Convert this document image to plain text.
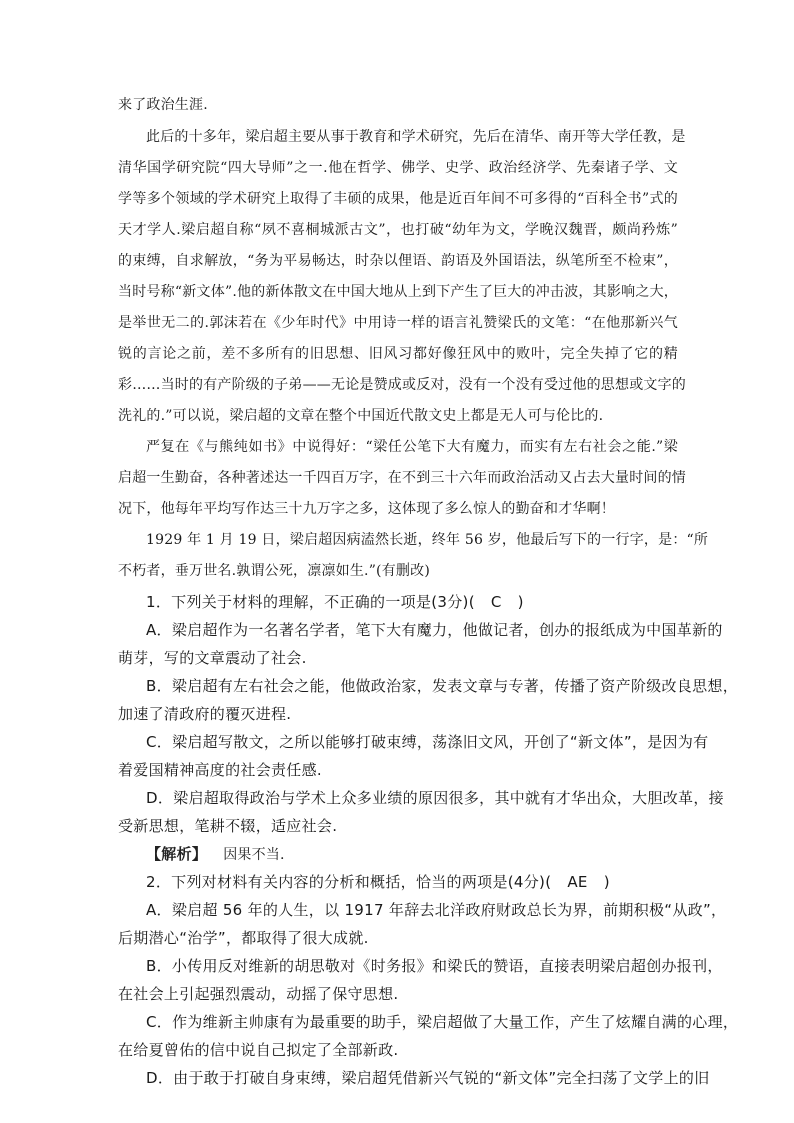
来了政治生涯.
此后的十多年，梁启超主要从事于教育和学术研究，先后在清华、南开等大学任教，是
清华国学研究院“四大导师”之一.他在哲学、佛学、史学、政治经济学、先秦诸子学、文
学等多个领域的学术研究上取得了丰硕的成果，他是近百年间不可多得的“百科全书”式的
天才学人.梁启超自称“夙不喜桐城派古文”，也打破“幼年为文，学晚汉魏晋，颇尚矜炼”
的束缚，自求解放，“务为平易畅达，时杂以俚语、韵语及外国语法，纵笔所至不检束”，
当时号称“新文体”.他的新体散文在中国大地从上到下产生了巨大的冲击波，其影响之大，
是举世无二的.郭沫若在《少年时代》中用诗一样的语言礼赞梁氏的文笔：“在他那新兴气
锐的言论之前，差不多所有的旧思想、旧风习都好像狂风中的败叶，完全失掉了它的精
彩……当时的有产阶级的子弟——无论是赞成或反对，没有一个没有受过他的思想或文字的
洗礼的.”可以说，梁启超的文章在整个中国近代散文史上都是无人可与伦比的.
严复在《与熊纯如书》中说得好：“梁任公笔下大有魔力，而实有左右社会之能.”梁
启超一生勤奋，各种著述达一千四百万字，在不到三十六年而政治活动又占去大量时间的情
况下，他每年平均写作达三十九万字之多，这体现了多么惊人的勤奋和才华啊！
1929 年 1 月 19 日，梁启超因病溘然长逝，终年 56 岁，他最后写下的一行字，是：“所
不朽者，垂万世名.孰谓公死，凛凛如生.”(有删改)
1．下列关于材料的理解，不正确的一项是(3分)( C )
A．梁启超作为一名著名学者，笔下大有魔力，他做记者，创办的报纸成为中国革新的
萌芽，写的文章震动了社会.
B．梁启超有左右社会之能，他做政治家，发表文章与专著，传播了资产阶级改良思想，
加速了清政府的覆灭进程.
C．梁启超写散文，之所以能够打破束缚，荡涤旧文风，开创了“新文体”，是因为有
着爱国精神高度的社会责任感.
D．梁启超取得政治与学术上众多业绩的原因很多，其中就有才华出众，大胆改革，接
受新思想，笔耕不辍，适应社会.
【解析】 因果不当.
2．下列对材料有关内容的分析和概括，恰当的两项是(4分)( AE )
A．梁启超 56 年的人生，以 1917 年辞去北洋政府财政总长为界，前期积极“从政”，
后期潜心“治学”，都取得了很大成就.
B．小传用反对维新的胡思敬对《时务报》和梁氏的赞语，直接表明梁启超创办报刊，
在社会上引起强烈震动，动摇了保守思想.
C．作为维新主帅康有为最重要的助手，梁启超做了大量工作，产生了炫耀自满的心理，
在给夏曾佑的信中说自己拟定了全部新政.
D．由于敢于打破自身束缚，梁启超凭借新兴气锐的“新文体”完全扫荡了文学上的旧
